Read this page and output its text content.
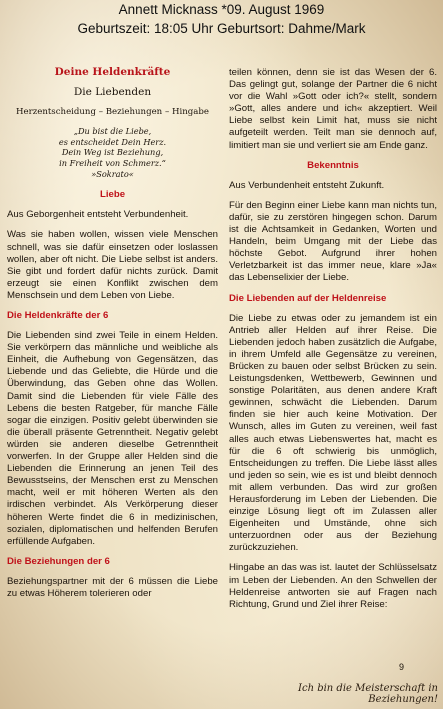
Annett Micknass *09. August 1969
Geburtszeit: 18:05 Uhr Geburtsort: Dahme/Mark

Deine Heldenkräfte

Die Liebenden

Herzentscheidung – Beziehungen – Hingabe

„Du bist die Liebe,
es entscheidet Dein Herz.
Dein Weg ist Beziehung,
in Freiheit von Schmerz.“
»Sokrato«

Liebe

Aus Geborgenheit entsteht Verbundenheit.

Was sie haben wollen, wissen viele Menschen schnell, was sie dafür einsetzen oder loslassen wollen, aber oft nicht. Die Liebe selbst ist anders. Sie gibt und fordert dafür nichts zurück. Damit erzeugt sie einen Konflikt zwischen dem Menschsein und dem Leben von Liebe.

Die Heldenkräfte der 6

Die Liebenden sind zwei Teile in einem Helden. Sie verkörpern das männliche und weibliche als Einheit, die Aufhebung von Gegensätzen, das Liebende und das Geliebte, die Hürde und die Überwindung, das Geben ohne das Wollen. Damit sind die Liebenden für viele Fälle des Lebens die besten Ratgeber, für manche Fälle sogar die einzigen. Positiv gelebt überwinden sie die überall präsente Getrenntheit. Negativ gelebt würden sie anderen dieselbe Getrenntheit vorwerfen. In der Gruppe aller Helden sind die Liebenden die Erinnerung an jenen Teil des Bewusstseins, der Menschen erst zu Menschen macht, weil er mit höheren Werten als den irdischen verbindet. Als Verkörperung dieser höheren Werte findet die 6 in medizinischen, sozialen, diplomatischen und helfenden Berufen erfüllende Aufgaben.

Die Beziehungen der 6

Beziehungspartner mit der 6 müssen die Liebe zu etwas Höherem tolerieren oder

teilen können, denn sie ist das Wesen der 6. Das gelingt gut, solange der Partner die 6 nicht vor die Wahl »Gott oder ich?« stellt, sondern »Gott, alles andere und ich« akzeptiert. Weil Liebe selbst kein Limit hat, muss sie nicht aufgeteilt werden. Teilt man sie dennoch auf, limitiert man sie und verliert sie am Ende ganz.

Bekenntnis

Aus Verbundenheit entsteht Zukunft.

Für den Beginn einer Liebe kann man nichts tun, dafür, sie zu zerstören hingegen schon. Darum ist die Achtsamkeit in Gedanken, Worten und Handeln, beim Umgang mit der Liebe das höchste Gebot. Aufgrund ihrer hohen Verletzbarkeit ist das immer neue, klare »Ja« das Lebenselixier der Liebe.

Die Liebenden auf der Heldenreise

Die Liebe zu etwas oder zu jemandem ist ein Antrieb aller Helden auf ihrer Reise. Die Liebenden jedoch haben zusätzlich die Aufgabe, in ihrem Umfeld alle Gegensätze zu vereinen, Brücken zu bauen oder selbst Brücken zu sein. Leistungsdenken, Wettbewerb, Gewinnen und sonstige Polaritäten, aus denen andere Kraft gewinnen, schwächt die Liebenden. Darum finden sie hier auch keine Motivation. Der Wunsch, alles im Guten zu vereinen, weil fast alles auch etwas Liebenswertes hat, macht es für die 6 oft schwierig bis unmöglich, Entscheidungen zu treffen. Die Liebe lässt alles und jeden so sein, wie es ist und bleibt dennoch mit allem verbunden. Das wird zur großen Herausforderung im Leben der Liebenden. Die einzige Lösung liegt oft im Zulassen aller Eigenheiten und Umstände, ohne sich unterzuordnen oder aus der Beziehung zurückzuziehen.

Hingabe an das was ist. lautet der Schlüsselsatz im Leben der Liebenden. An den Schwellen der Heldenreise antworten sie auf Fragen nach Richtung, Grund und Ziel ihrer Reise:

9
Ich bin die Meisterschaft in Beziehungen!
